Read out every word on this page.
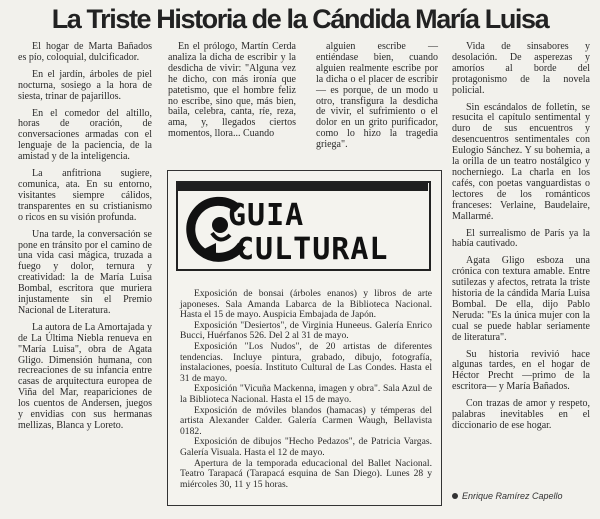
La Triste Historia de la Cándida María Luisa

El hogar de Marta Bañados es pío, coloquial, dulcificador.

En el jardín, árboles de piel nocturna, sosiego a la hora de siesta, trinar de pajarillos.

En el comedor del altillo, horas de oración, de conversaciones armadas con el lenguaje de la paciencia, de la amistad y de la inteligencia.

La anfitriona sugiere, comunica, ata. En su entorno, visitantes siempre cálidos, transparentes en su cristianismo o ricos en su visión profunda.

Una tarde, la conversación se pone en tránsito por el camino de una vida casi mágica, truzada a fuego y dolor, ternura y creatividad: la de María Luisa Bombal, escritora que muriera injustamente sin el Premio Nacional de Literatura.

La autora de La Amortajada y de La Última Niebla renueva en "María Luisa", obra de Agata Gligo. Dimensión humana, con recreaciones de su infancia entre casas de arquitectura europea de Viña del Mar, reapariciones de los cuentos de Andersen, juegos y envidias con sus hermanas mellizas, Blanca y Loreto.

En el prólogo, Martín Cerda analiza la dicha de escribir y la desdicha de vivir: "Alguna vez he dicho, con más ironía que patetismo, que el hombre feliz no escribe, sino que, más bien, baila, celebra, canta, ríe, reza, ama, y, llegados ciertos momentos, llora... Cuando

alguien escribe —entiéndase bien, cuando alguien realmente escribe por la dicha o el placer de escribir— es porque, de un modo u otro, transfigura la desdicha de vivir, el sufrimiento o el dolor en un grito purificador, como lo hizo la tragedia griega".

Vida de sinsabores y desolación. De asperezas y amoríos al borde del protagonismo de la novela policial.

Sin escándalos de folletín, se resucita el capítulo sentimental y duro de sus encuentros y desencuentros sentimentales con Eulogio Sánchez. Y su bohemia, a la orilla de un teatro nostálgico y nocherniego. La charla en los cafés, con poetas vanguardistas o lectores de los románticos franceses: Verlaine, Baudelaire, Mallarmé.

El surrealismo de París ya la había cautivado.

Agata Gligo esboza una crónica con textura amable. Entre sutilezas y afectos, retrata la triste historia de la cándida María Luisa Bombal. De ella, dijo Pablo Neruda: "Es la única mujer con la cual se puede hablar seriamente de literatura".

Su historia revivió hace algunas tardes, en el hogar de Héctor Precht —primo de la escritora— y María Bañados.

Con trazas de amor y respeto, palabras inevitables en el diccionario de ese hogar.

GUIA
CULTURAL

Exposición de bonsai (árboles enanos) y libros de arte japoneses. Sala Amanda Labarca de la Biblioteca Nacional. Hasta el 15 de mayo. Auspicia Embajada de Japón.

Exposición "Desiertos", de Virginia Huneeus. Galería Enrico Bucci, Huérfanos 526. Del 2 al 31 de mayo.

Exposición "Los Nudos", de 20 artistas de diferentes tendencias. Incluye pintura, grabado, dibujo, fotografía, instalaciones, poesía. Instituto Cultural de Las Condes. Hasta el 31 de mayo.

Exposición "Vicuña Mackenna, imagen y obra". Sala Azul de la Biblioteca Nacional. Hasta el 15 de mayo.

Exposición de móviles blandos (hamacas) y témperas del artista Alexander Calder. Galería Carmen Waugh, Bellavista 0182.

Exposición de dibujos "Hecho Pedazos", de Patricia Vargas. Galería Visuala. Hasta el 12 de mayo.

Apertura de la temporada educacional del Ballet Nacional. Teatro Tarapacá (Tarapacá esquina de San Diego). Lunes 28 y miércoles 30, 11 y 15 horas.

Enrique Ramírez Capello
